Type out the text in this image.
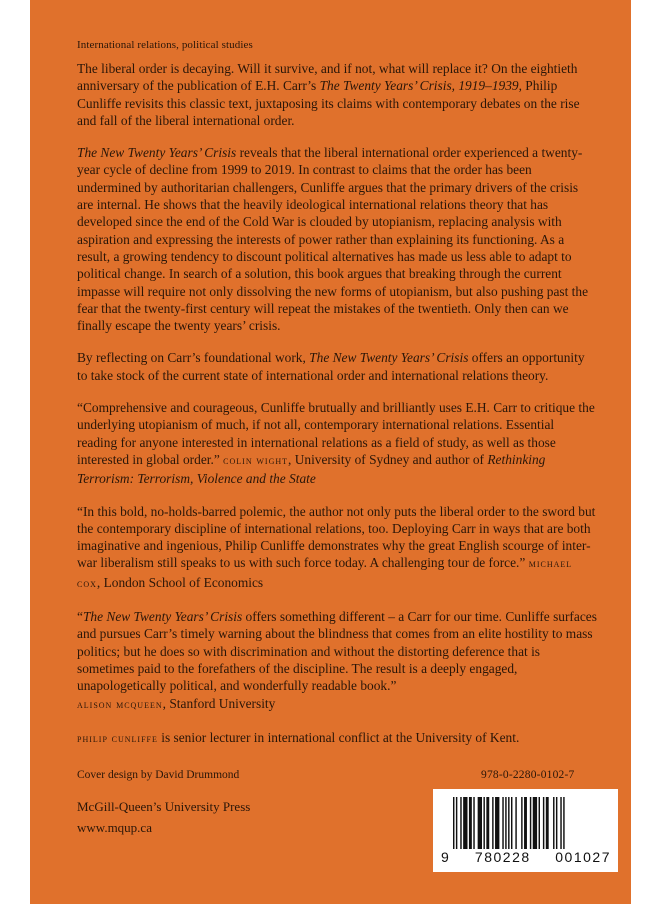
International relations, political studies

The liberal order is decaying. Will it survive, and if not, what will replace it? On the eightieth anniversary of the publication of E.H. Carr’s The Twenty Years’ Crisis, 1919–1939, Philip Cunliffe revisits this classic text, juxtaposing its claims with contemporary debates on the rise and fall of the liberal international order.

The New Twenty Years’ Crisis reveals that the liberal international order experienced a twenty-year cycle of decline from 1999 to 2019. In contrast to claims that the order has been undermined by authoritarian challengers, Cunliffe argues that the primary drivers of the crisis are internal. He shows that the heavily ideological international relations theory that has developed since the end of the Cold War is clouded by utopianism, replacing analysis with aspiration and expressing the interests of power rather than explaining its functioning. As a result, a growing tendency to discount political alternatives has made us less able to adapt to political change. In search of a solution, this book argues that breaking through the current impasse will require not only dissolving the new forms of utopianism, but also pushing past the fear that the twenty-first century will repeat the mistakes of the twentieth. Only then can we finally escape the twenty years’ crisis.

By reflecting on Carr’s foundational work, The New Twenty Years’ Crisis offers an opportunity to take stock of the current state of international order and international relations theory.

“Comprehensive and courageous, Cunliffe brutually and brilliantly uses E.H. Carr to critique the underlying utopianism of much, if not all, contemporary international relations. Essential reading for anyone interested in international relations as a field of study, as well as those interested in global order.” colin wight, University of Sydney and author of Rethinking Terrorism: Terrorism, Violence and the State

“In this bold, no-holds-barred polemic, the author not only puts the liberal order to the sword but the contemporary discipline of international relations, too. Deploying Carr in ways that are both imaginative and ingenious, Philip Cunliffe demonstrates why the great English scourge of inter-war liberalism still speaks to us with such force today. A challenging tour de force.” michael cox, London School of Economics

“The New Twenty Years’ Crisis offers something different – a Carr for our time. Cunliffe surfaces and pursues Carr’s timely warning about the blindness that comes from an elite hostility to mass politics; but he does so with discrimination and without the distorting deference that is sometimes paid to the forefathers of the discipline. The result is a deeply engaged, unapologetically political, and wonderfully readable book.”
alison mcqueen, Stanford University

philip cunliffe is senior lecturer in international conflict at the University of Kent.

Cover design by David Drummond	978-0-2280-0102-7
McGill-Queen’s University Press
www.mqup.ca
9 780228 001027
